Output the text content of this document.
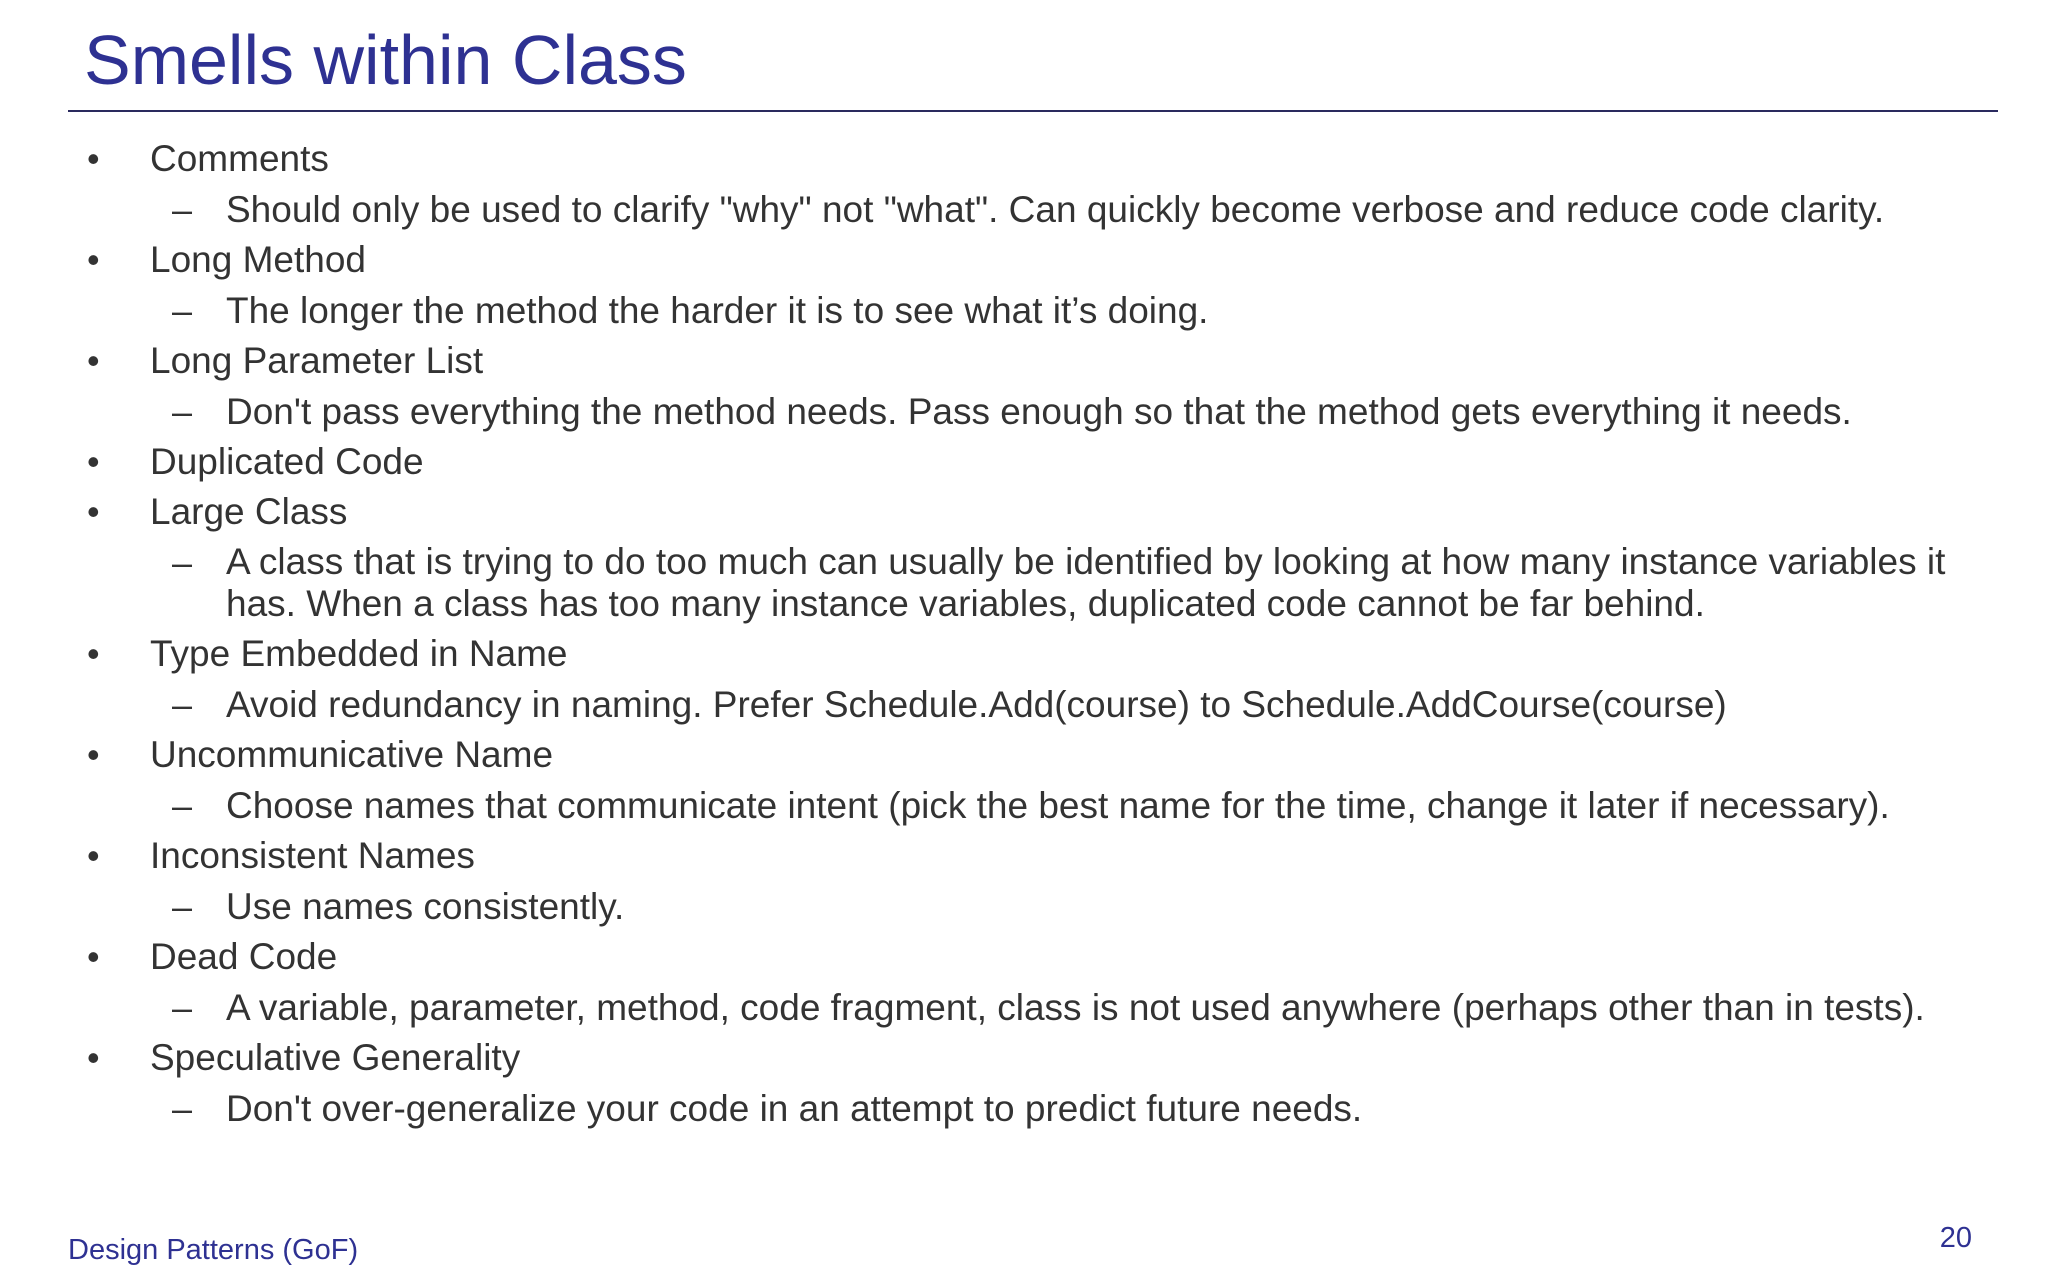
Smells within Class
• Comments
– Should only be used to clarify "why" not "what". Can quickly become verbose and reduce code clarity.
• Long Method
– The longer the method the harder it is to see what it’s doing.
• Long Parameter List
– Don't pass everything the method needs. Pass enough so that the method gets everything it needs.
• Duplicated Code
• Large Class
– A class that is trying to do too much can usually be identified by looking at how many instance variables it has. When a class has too many instance variables, duplicated code cannot be far behind.
• Type Embedded in Name
– Avoid redundancy in naming. Prefer Schedule.Add(course) to Schedule.AddCourse(course)
• Uncommunicative Name
– Choose names that communicate intent (pick the best name for the time, change it later if necessary).
• Inconsistent Names
– Use names consistently.
• Dead Code
– A variable, parameter, method, code fragment, class is not used anywhere (perhaps other than in tests).
• Speculative Generality
– Don't over-generalize your code in an attempt to predict future needs.
Design Patterns (GoF)	20
